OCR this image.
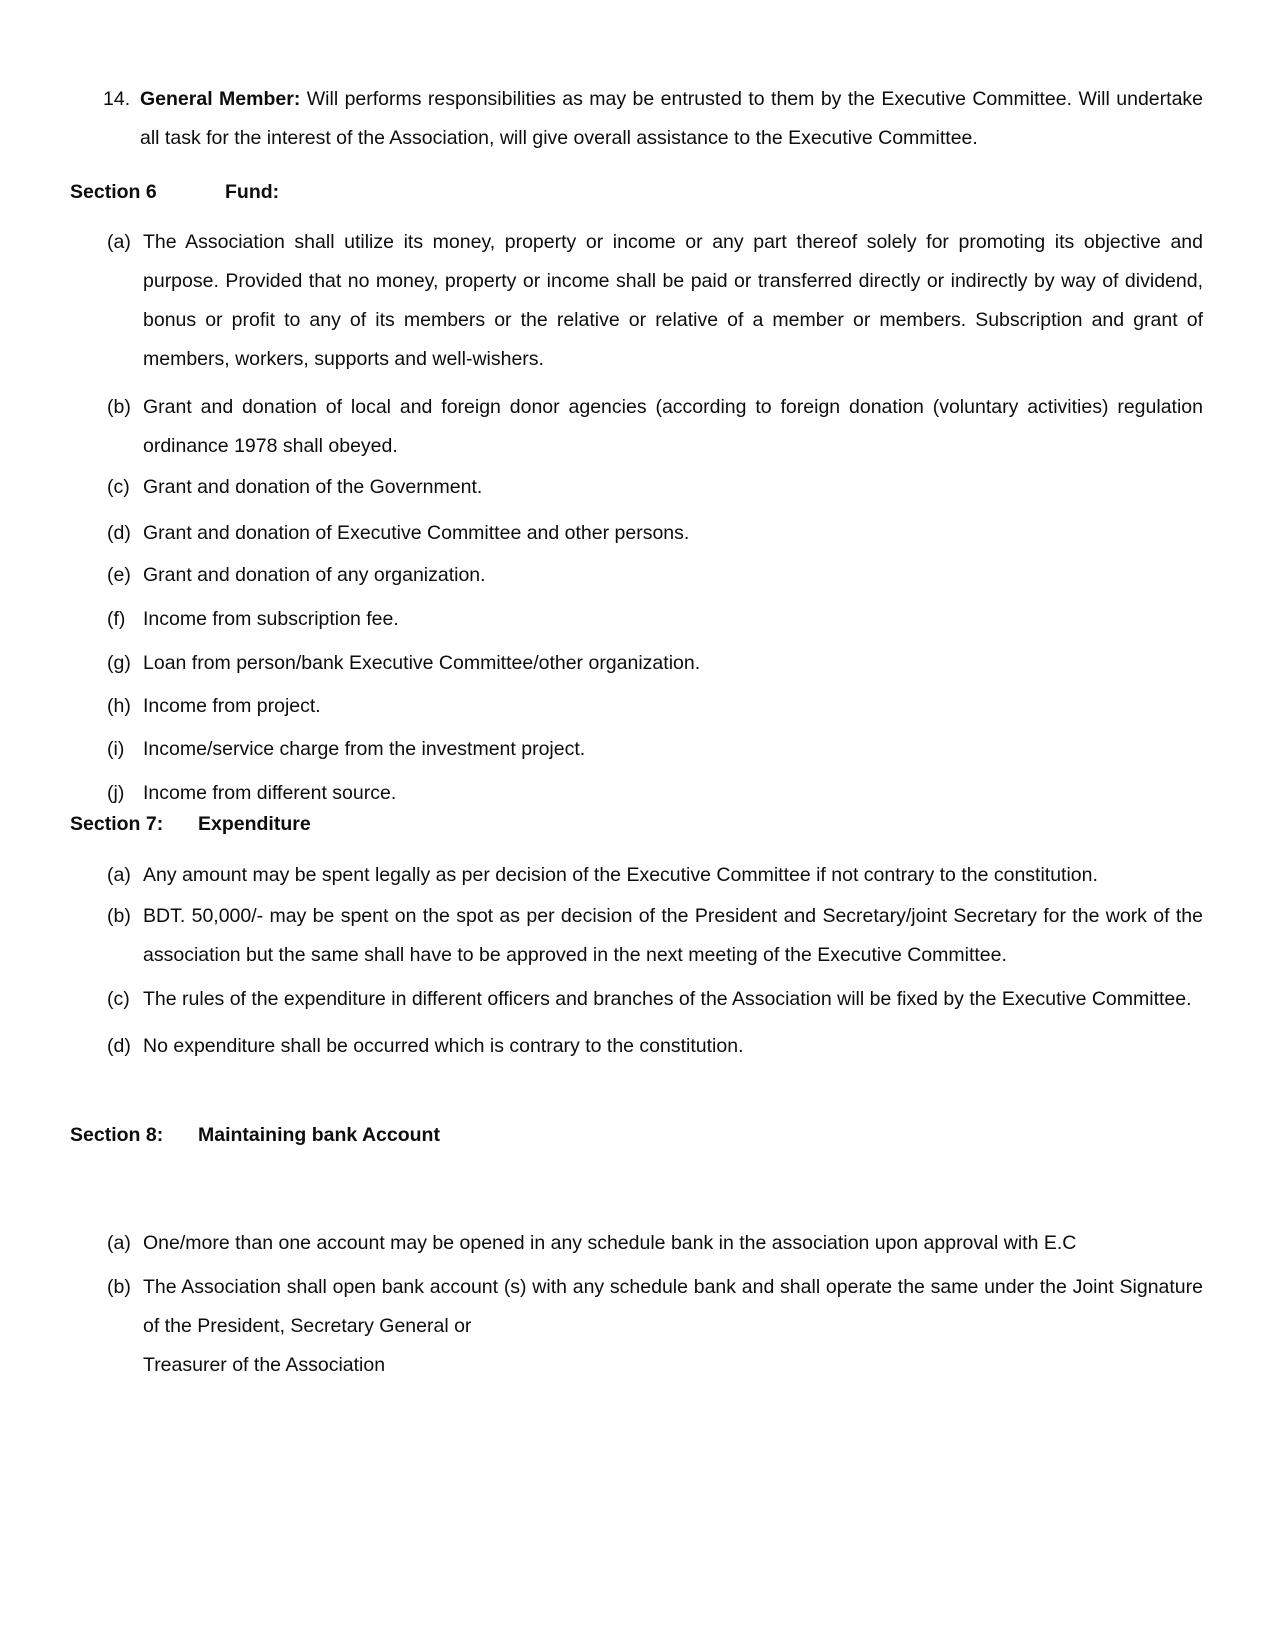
14. General Member: Will performs responsibilities as may be entrusted to them by the Executive Committee. Will undertake all task for the interest of the Association, will give overall assistance to the Executive Committee.
Section 6	Fund:
(a) The Association shall utilize its money, property or income or any part thereof solely for promoting its objective and purpose. Provided that no money, property or income shall be paid or transferred directly or indirectly by way of dividend, bonus or profit to any of its members or the relative or relative of a member or members. Subscription and grant of members, workers, supports and well-wishers.
(b) Grant and donation of local and foreign donor agencies (according to foreign donation (voluntary activities) regulation ordinance 1978 shall obeyed.
(c) Grant and donation of the Government.
(d) Grant and donation of Executive Committee and other persons.
(e) Grant and donation of any organization.
(f) Income from subscription fee.
(g) Loan from person/bank Executive Committee/other organization.
(h) Income from project.
(i) Income/service charge from the investment project.
(j) Income from different source.
Section 7: Expenditure
(a) Any amount may be spent legally as per decision of the Executive Committee if not contrary to the constitution.
(b) BDT. 50,000/- may be spent on the spot as per decision of the President and Secretary/joint Secretary for the work of the association but the same shall have to be approved in the next meeting of the Executive Committee.
(c) The rules of the expenditure in different officers and branches of the Association will be fixed by the Executive Committee.
(d) No expenditure shall be occurred which is contrary to the constitution.
Section 8: Maintaining bank Account
(a) One/more than one account may be opened in any schedule bank in the association upon approval with E.C
(b) The Association shall open bank account (s) with any schedule bank and shall operate the same under the Joint Signature of the President, Secretary General or
Treasurer of the Association
